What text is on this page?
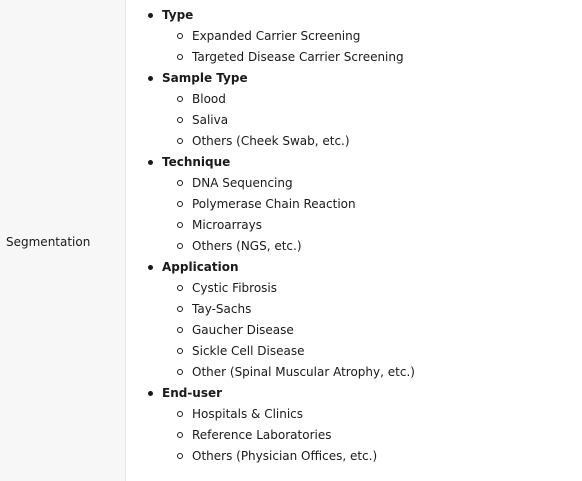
Segmentation
Type
Expanded Carrier Screening
Targeted Disease Carrier Screening
Sample Type
Blood
Saliva
Others (Cheek Swab, etc.)
Technique
DNA Sequencing
Polymerase Chain Reaction
Microarrays
Others (NGS, etc.)
Application
Cystic Fibrosis
Tay-Sachs
Gaucher Disease
Sickle Cell Disease
Other (Spinal Muscular Atrophy, etc.)
End-user
Hospitals & Clinics
Reference Laboratories
Others (Physician Offices, etc.)
